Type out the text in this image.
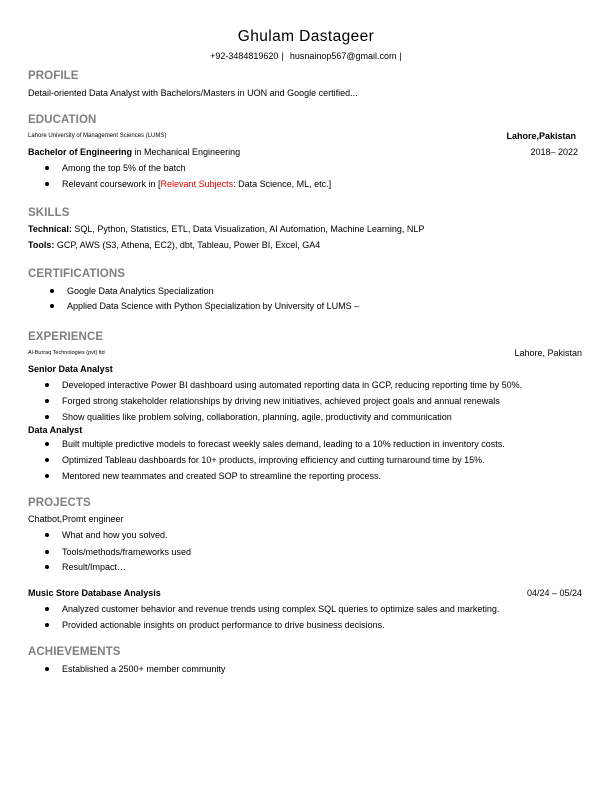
Ghulam Dastageer
+92-3484819620 | husnainop567@gmail.com |
PROFILE
Detail-oriented Data Analyst with Bachelors/Masters in UON and Google certified...
EDUCATION
Lahore University of Management Sciences (LUMS)	Lahore,Pakistan
Bachelor of Engineering in Mechanical Engineering	2018– 2022
Among the top 5% of the batch
Relevant coursework in [Relevant Subjects: Data Science, ML, etc.]
SKILLS
Technical: SQL, Python, Statistics, ETL, Data Visualization, AI Automation, Machine Learning, NLP
Tools: GCP, AWS (S3, Athena, EC2), dbt, Tableau, Power BI, Excel, GA4
CERTIFICATIONS
Google Data Analytics Specialization
Applied Data Science with Python Specialization by University of LUMS –
EXPERIENCE
Al-Burraq Technologies (pvt) ltd	Lahore, Pakistan
Senior Data Analyst
Developed interactive Power BI dashboard using automated reporting data in GCP, reducing reporting time by 50%.
Forged strong stakeholder relationships by driving new initiatives, achieved project goals and annual renewals
Show qualities like problem solving, collaboration, planning, agile, productivity and communication
Data Analyst
Built multiple predictive models to forecast weekly sales demand, leading to a 10% reduction in inventory costs.
Optimized Tableau dashboards for 10+ products, improving efficiency and cutting turnaround time by 15%.
Mentored new teammates and created SOP to streamline the reporting process.
PROJECTS
Chatbot,Promt engineer
What and how you solved.
Tools/methods/frameworks used
Result/Impact…
Music Store Database Analysis	04/24 – 05/24
Analyzed customer behavior and revenue trends using complex SQL queries to optimize sales and marketing.
Provided actionable insights on product performance to drive business decisions.
ACHIEVEMENTS
Established a 2500+ member community
